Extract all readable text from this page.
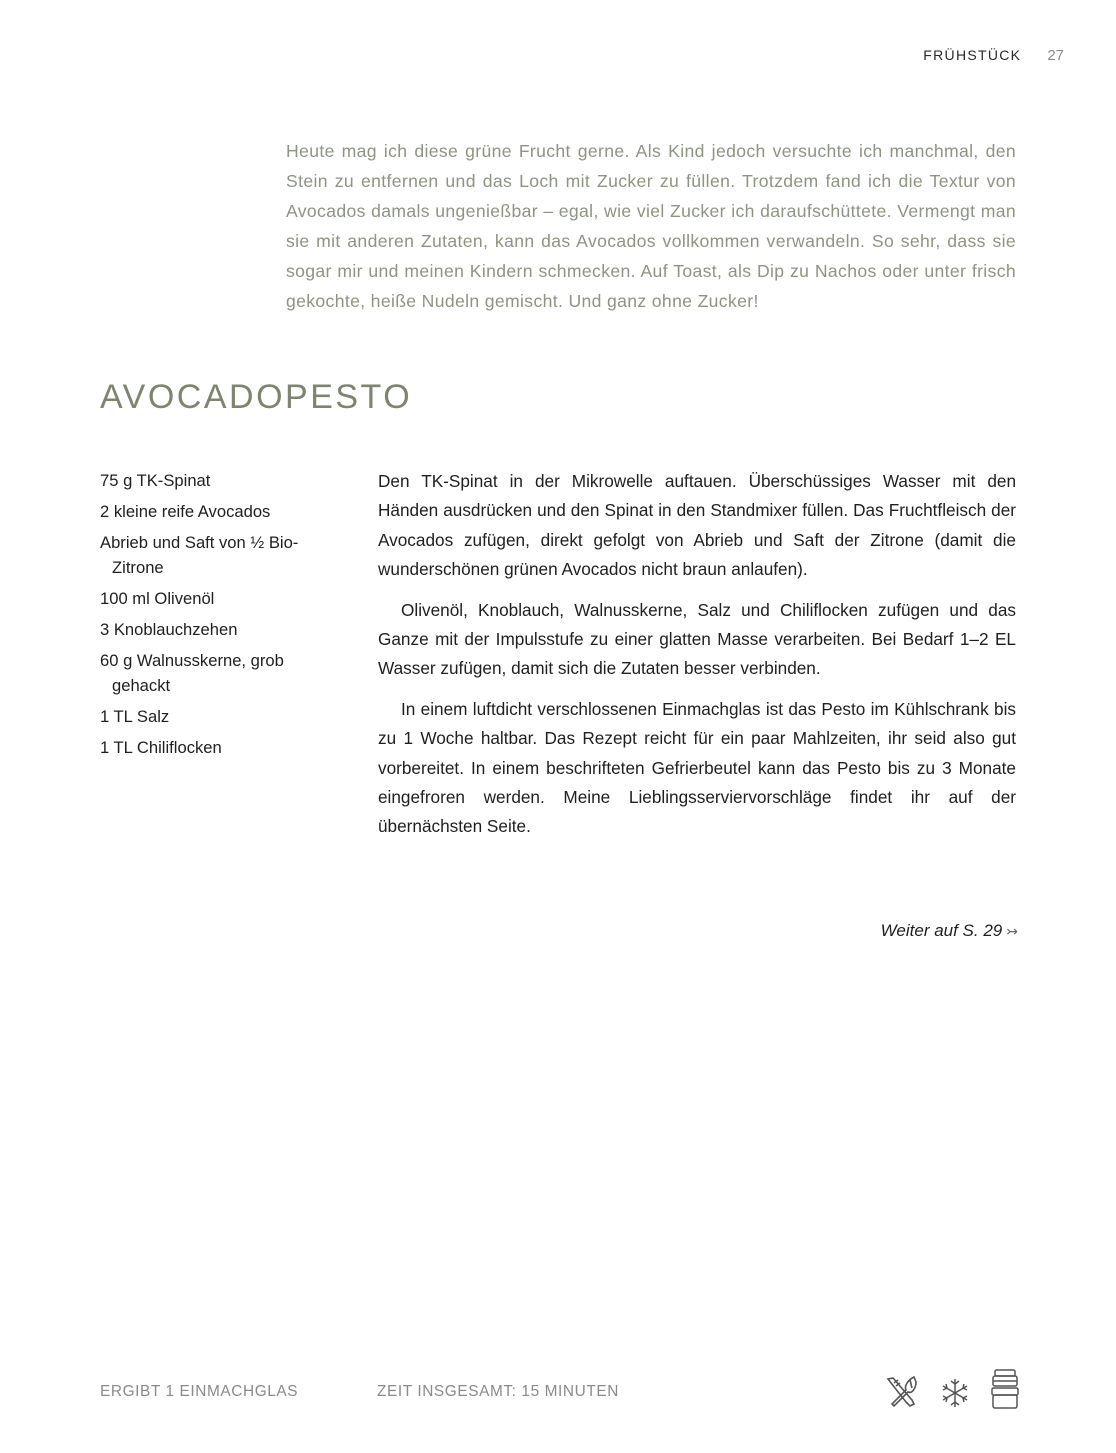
FRÜHSTÜCK 27

Heute mag ich diese grüne Frucht gerne. Als Kind jedoch versuchte ich manchmal, den Stein zu entfernen und das Loch mit Zucker zu füllen. Trotzdem fand ich die Textur von Avocados damals ungenießbar – egal, wie viel Zucker ich daraufschüttete. Vermengt man sie mit anderen Zutaten, kann das Avocados vollkommen verwandeln. So sehr, dass sie sogar mir und meinen Kindern schmecken. Auf Toast, als Dip zu Nachos oder unter frisch gekochte, heiße Nudeln gemischt. Und ganz ohne Zucker!

AVOCADOPESTO
75 g TK-Spinat
2 kleine reife Avocados
Abrieb und Saft von ½ Bio-Zitrone
100 ml Olivenöl
3 Knoblauchzehen
60 g Walnusskerne, grob gehackt
1 TL Salz
1 TL Chiliflocken

Den TK-Spinat in der Mikrowelle auftauen. Überschüssiges Wasser mit den Händen ausdrücken und den Spinat in den Standmixer füllen. Das Fruchtfleisch der Avocados zufügen, direkt gefolgt von Abrieb und Saft der Zitrone (damit die wunderschönen grünen Avocados nicht braun anlaufen).

Olivenöl, Knoblauch, Walnusskerne, Salz und Chiliflocken zufügen und das Ganze mit der Impulsstufe zu einer glatten Masse verarbeiten. Bei Bedarf 1–2 EL Wasser zufügen, damit sich die Zutaten besser verbinden.

In einem luftdicht verschlossenen Einmachglas ist das Pesto im Kühlschrank bis zu 1 Woche haltbar. Das Rezept reicht für ein paar Mahlzeiten, ihr seid also gut vorbereitet. In einem beschrifteten Gefrierbeutel kann das Pesto bis zu 3 Monate eingefroren werden. Meine Lieblingsserviervorschläge findet ihr auf der übernächsten Seite.

Weiter auf S. 29 ↣
ERGIBT 1 EINMACHGLAS	ZEIT INSGESAMT: 15 MINUTEN
